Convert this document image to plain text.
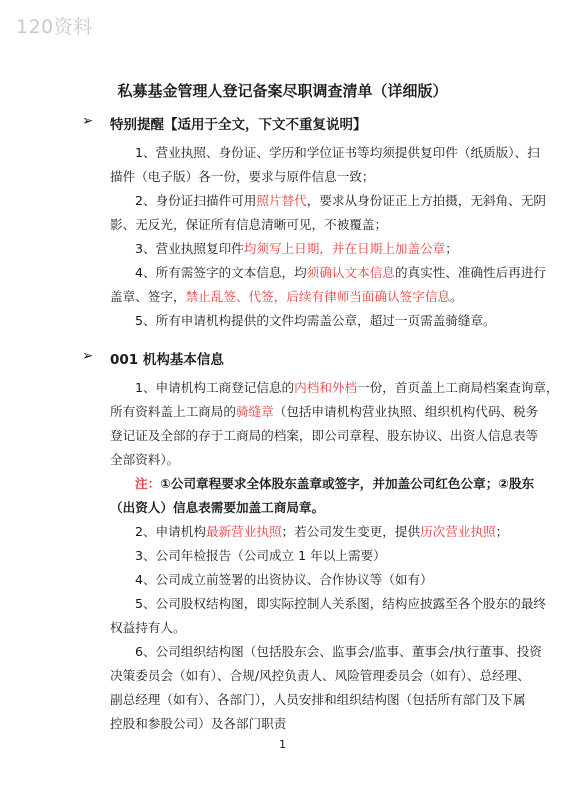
120资料
私募基金管理人登记备案尽职调查清单（详细版）
➢ 特别提醒【适用于全文，下文不重复说明】
1、营业执照、身份证、学历和学位证书等均须提供复印件（纸质版）、扫
描件（电子版）各一份，要求与原件信息一致；
2、身份证扫描件可用照片替代，要求从身份证正上方拍摄，无斜角、无阴
影、无反光，保证所有信息清晰可见，不被覆盖；
3、营业执照复印件均须写上日期，并在日期上加盖公章；
4、所有需签字的文本信息，均须确认文本信息的真实性、准确性后再进行
盖章、签字，禁止乱签、代签，后续有律师当面确认签字信息。
5、所有申请机构提供的文件均需盖公章，超过一页需盖骑缝章。
➢ 001 机构基本信息
1、申请机构工商登记信息的内档和外档一份，首页盖上工商局档案查询章，
所有资料盖上工商局的骑缝章（包括申请机构营业执照、组织机构代码、税务
登记证及全部的存于工商局的档案，即公司章程、股东协议、出资人信息表等
全部资料）。
注：①公司章程要求全体股东盖章或签字，并加盖公司红色公章；②股东
（出资人）信息表需要加盖工商局章。
2、申请机构最新营业执照；若公司发生变更，提供历次营业执照；
3、公司年检报告（公司成立 1 年以上需要）
4、公司成立前签署的出资协议、合作协议等（如有）
5、公司股权结构图，即实际控制人关系图，结构应披露至各个股东的最终
权益持有人。
6、公司组织结构图（包括股东会、监事会/监事、董事会/执行董事、投资
决策委员会（如有）、合规/风控负责人、风险管理委员会（如有）、总经理、
副总经理（如有）、各部门），人员安排和组织结构图（包括所有部门及下属
控股和参股公司）及各部门职责
1
